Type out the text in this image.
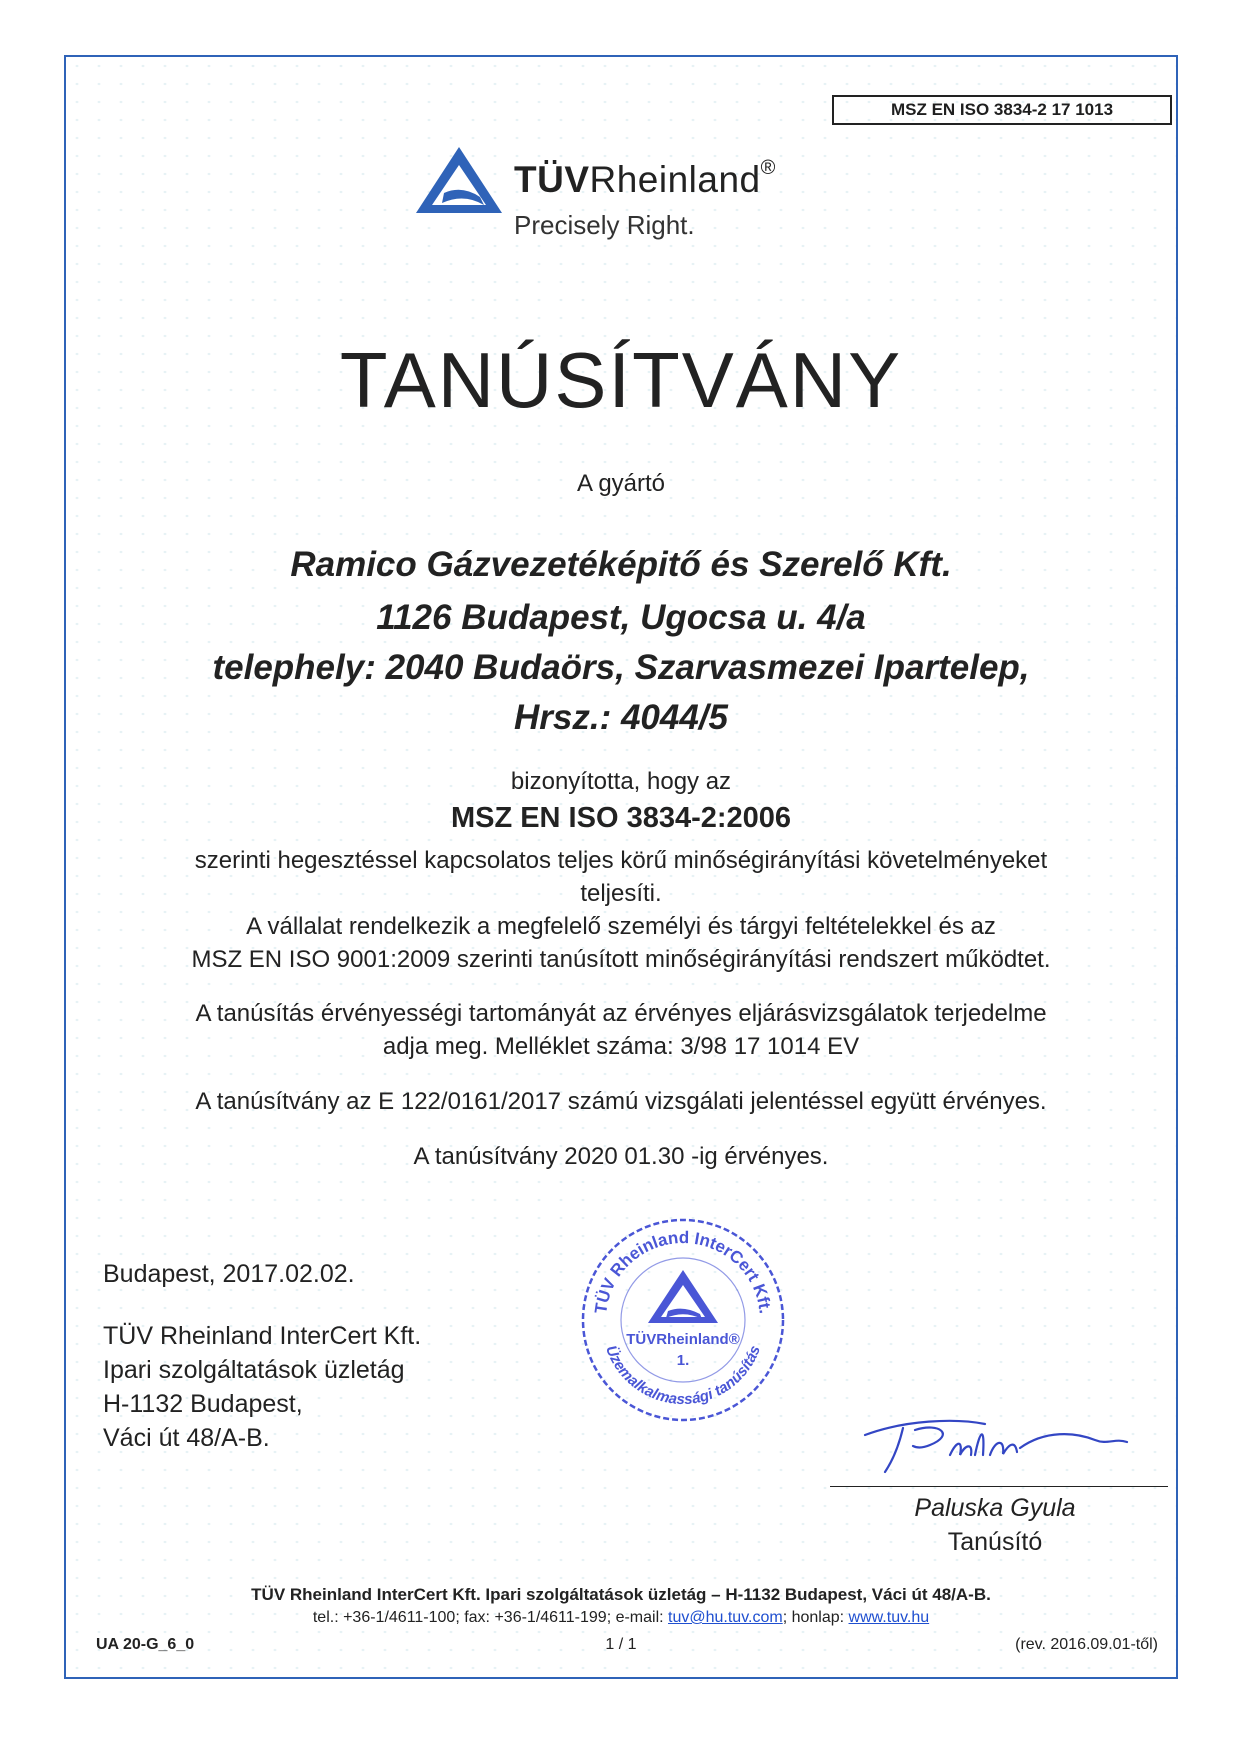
MSZ EN ISO 3834-2 17 1013
TÜVRheinland®
Precisely Right.
TANÚSÍTVÁNY
A gyártó
Ramico Gázvezetéképitő és Szerelő Kft.
1126 Budapest, Ugocsa u. 4/a
telephely: 2040 Budaörs, Szarvasmezei Ipartelep,
Hrsz.: 4044/5
bizonyította, hogy az
MSZ EN ISO 3834-2:2006
szerinti hegesztéssel kapcsolatos teljes körű minőségirányítási követelményeket
teljesíti.
A vállalat rendelkezik a megfelelő személyi és tárgyi feltételekkel és az
MSZ EN ISO 9001:2009 szerinti tanúsított minőségirányítási rendszert működtet.
A tanúsítás érvényességi tartományát az érvényes eljárásvizsgálatok terjedelme
adja meg. Melléklet száma: 3/98 17 1014 EV
A tanúsítvány az E 122/0161/2017 számú vizsgálati jelentéssel együtt érvényes.
A tanúsítvány 2020 01.30 -ig érvényes.
Budapest, 2017.02.02.
TÜV Rheinland InterCert Kft.
Ipari szolgáltatások üzletág
H-1132 Budapest,
Váci út 48/A-B.
TÜV Rheinland InterCert Kft.
Üzemalkalmassági tanúsítás
TÜVRheinland®
1.
Paluska Gyula
Tanúsító
TÜV Rheinland InterCert Kft. Ipari szolgáltatások üzletág – H-1132 Budapest, Váci út 48/A-B.
tel.: +36-1/4611-100; fax: +36-1/4611-199; e-mail: tuv@hu.tuv.com; honlap: www.tuv.hu
UA 20-G_6_0	1 / 1	(rev. 2016.09.01-től)
